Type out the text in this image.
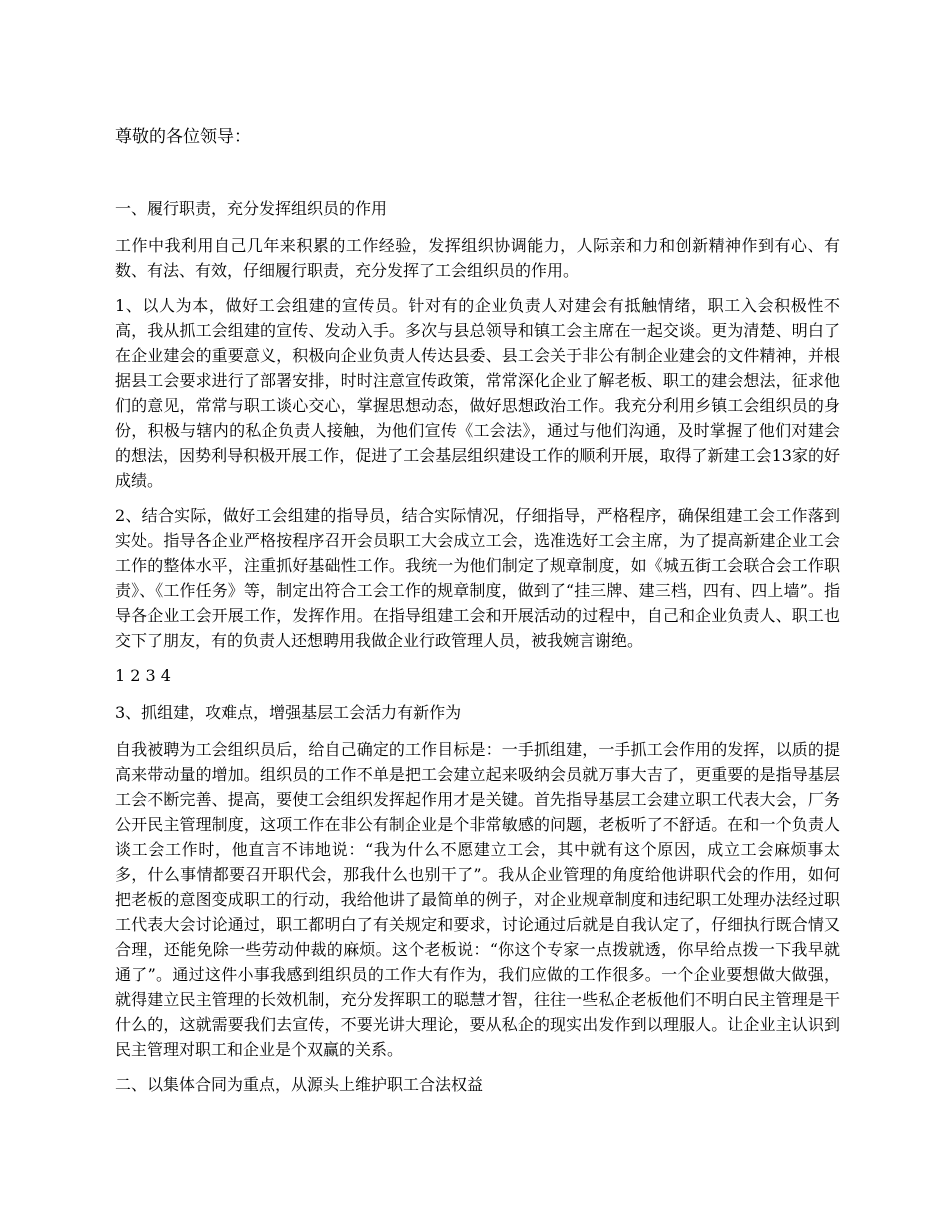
尊敬的各位领导：

一、履行职责，充分发挥组织员的作用

工作中我利用自己几年来积累的工作经验，发挥组织协调能力，人际亲和力和创新精神作到有心、有数、有法、有效，仔细履行职责，充分发挥了工会组织员的作用。

1、以人为本，做好工会组建的宣传员。针对有的企业负责人对建会有抵触情绪，职工入会积极性不高，我从抓工会组建的宣传、发动入手。多次与县总领导和镇工会主席在一起交谈。更为清楚、明白了在企业建会的重要意义，积极向企业负责人传达县委、县工会关于非公有制企业建会的文件精神，并根据县工会要求进行了部署安排，时时注意宣传政策，常常深化企业了解老板、职工的建会想法，征求他们的意见，常常与职工谈心交心，掌握思想动态，做好思想政治工作。我充分利用乡镇工会组织员的身份，积极与辖内的私企负责人接触，为他们宣传《工会法》，通过与他们沟通，及时掌握了他们对建会的想法，因势利导积极开展工作，促进了工会基层组织建设工作的顺利开展，取得了新建工会13家的好成绩。

2、结合实际，做好工会组建的指导员，结合实际情况，仔细指导，严格程序，确保组建工会工作落到实处。指导各企业严格按程序召开会员职工大会成立工会，选准选好工会主席，为了提高新建企业工会工作的整体水平，注重抓好基础性工作。我统一为他们制定了规章制度，如《城五街工会联合会工作职责》、《工作任务》等，制定出符合工会工作的规章制度，做到了“挂三牌、建三档，四有、四上墙”。指导各企业工会开展工作，发挥作用。在指导组建工会和开展活动的过程中，自己和企业负责人、职工也交下了朋友，有的负责人还想聘用我做企业行政管理人员，被我婉言谢绝。

1 2 3 4

3、抓组建，攻难点，增强基层工会活力有新作为

自我被聘为工会组织员后，给自己确定的工作目标是：一手抓组建，一手抓工会作用的发挥，以质的提高来带动量的增加。组织员的工作不单是把工会建立起来吸纳会员就万事大吉了，更重要的是指导基层工会不断完善、提高，要使工会组织发挥起作用才是关键。首先指导基层工会建立职工代表大会，厂务公开民主管理制度，这项工作在非公有制企业是个非常敏感的问题，老板听了不舒适。在和一个负责人谈工会工作时，他直言不讳地说：“我为什么不愿建立工会，其中就有这个原因，成立工会麻烦事太多，什么事情都要召开职代会，那我什么也别干了”。我从企业管理的角度给他讲职代会的作用，如何把老板的意图变成职工的行动，我给他讲了最简单的例子，对企业规章制度和违纪职工处理办法经过职工代表大会讨论通过，职工都明白了有关规定和要求，讨论通过后就是自我认定了，仔细执行既合情又合理，还能免除一些劳动仲裁的麻烦。这个老板说：“你这个专家一点拨就透，你早给点拨一下我早就通了”。通过这件小事我感到组织员的工作大有作为，我们应做的工作很多。一个企业要想做大做强，就得建立民主管理的长效机制，充分发挥职工的聪慧才智，往往一些私企老板他们不明白民主管理是干什么的，这就需要我们去宣传，不要光讲大理论，要从私企的现实出发作到以理服人。让企业主认识到民主管理对职工和企业是个双赢的关系。

二、以集体合同为重点，从源头上维护职工合法权益
